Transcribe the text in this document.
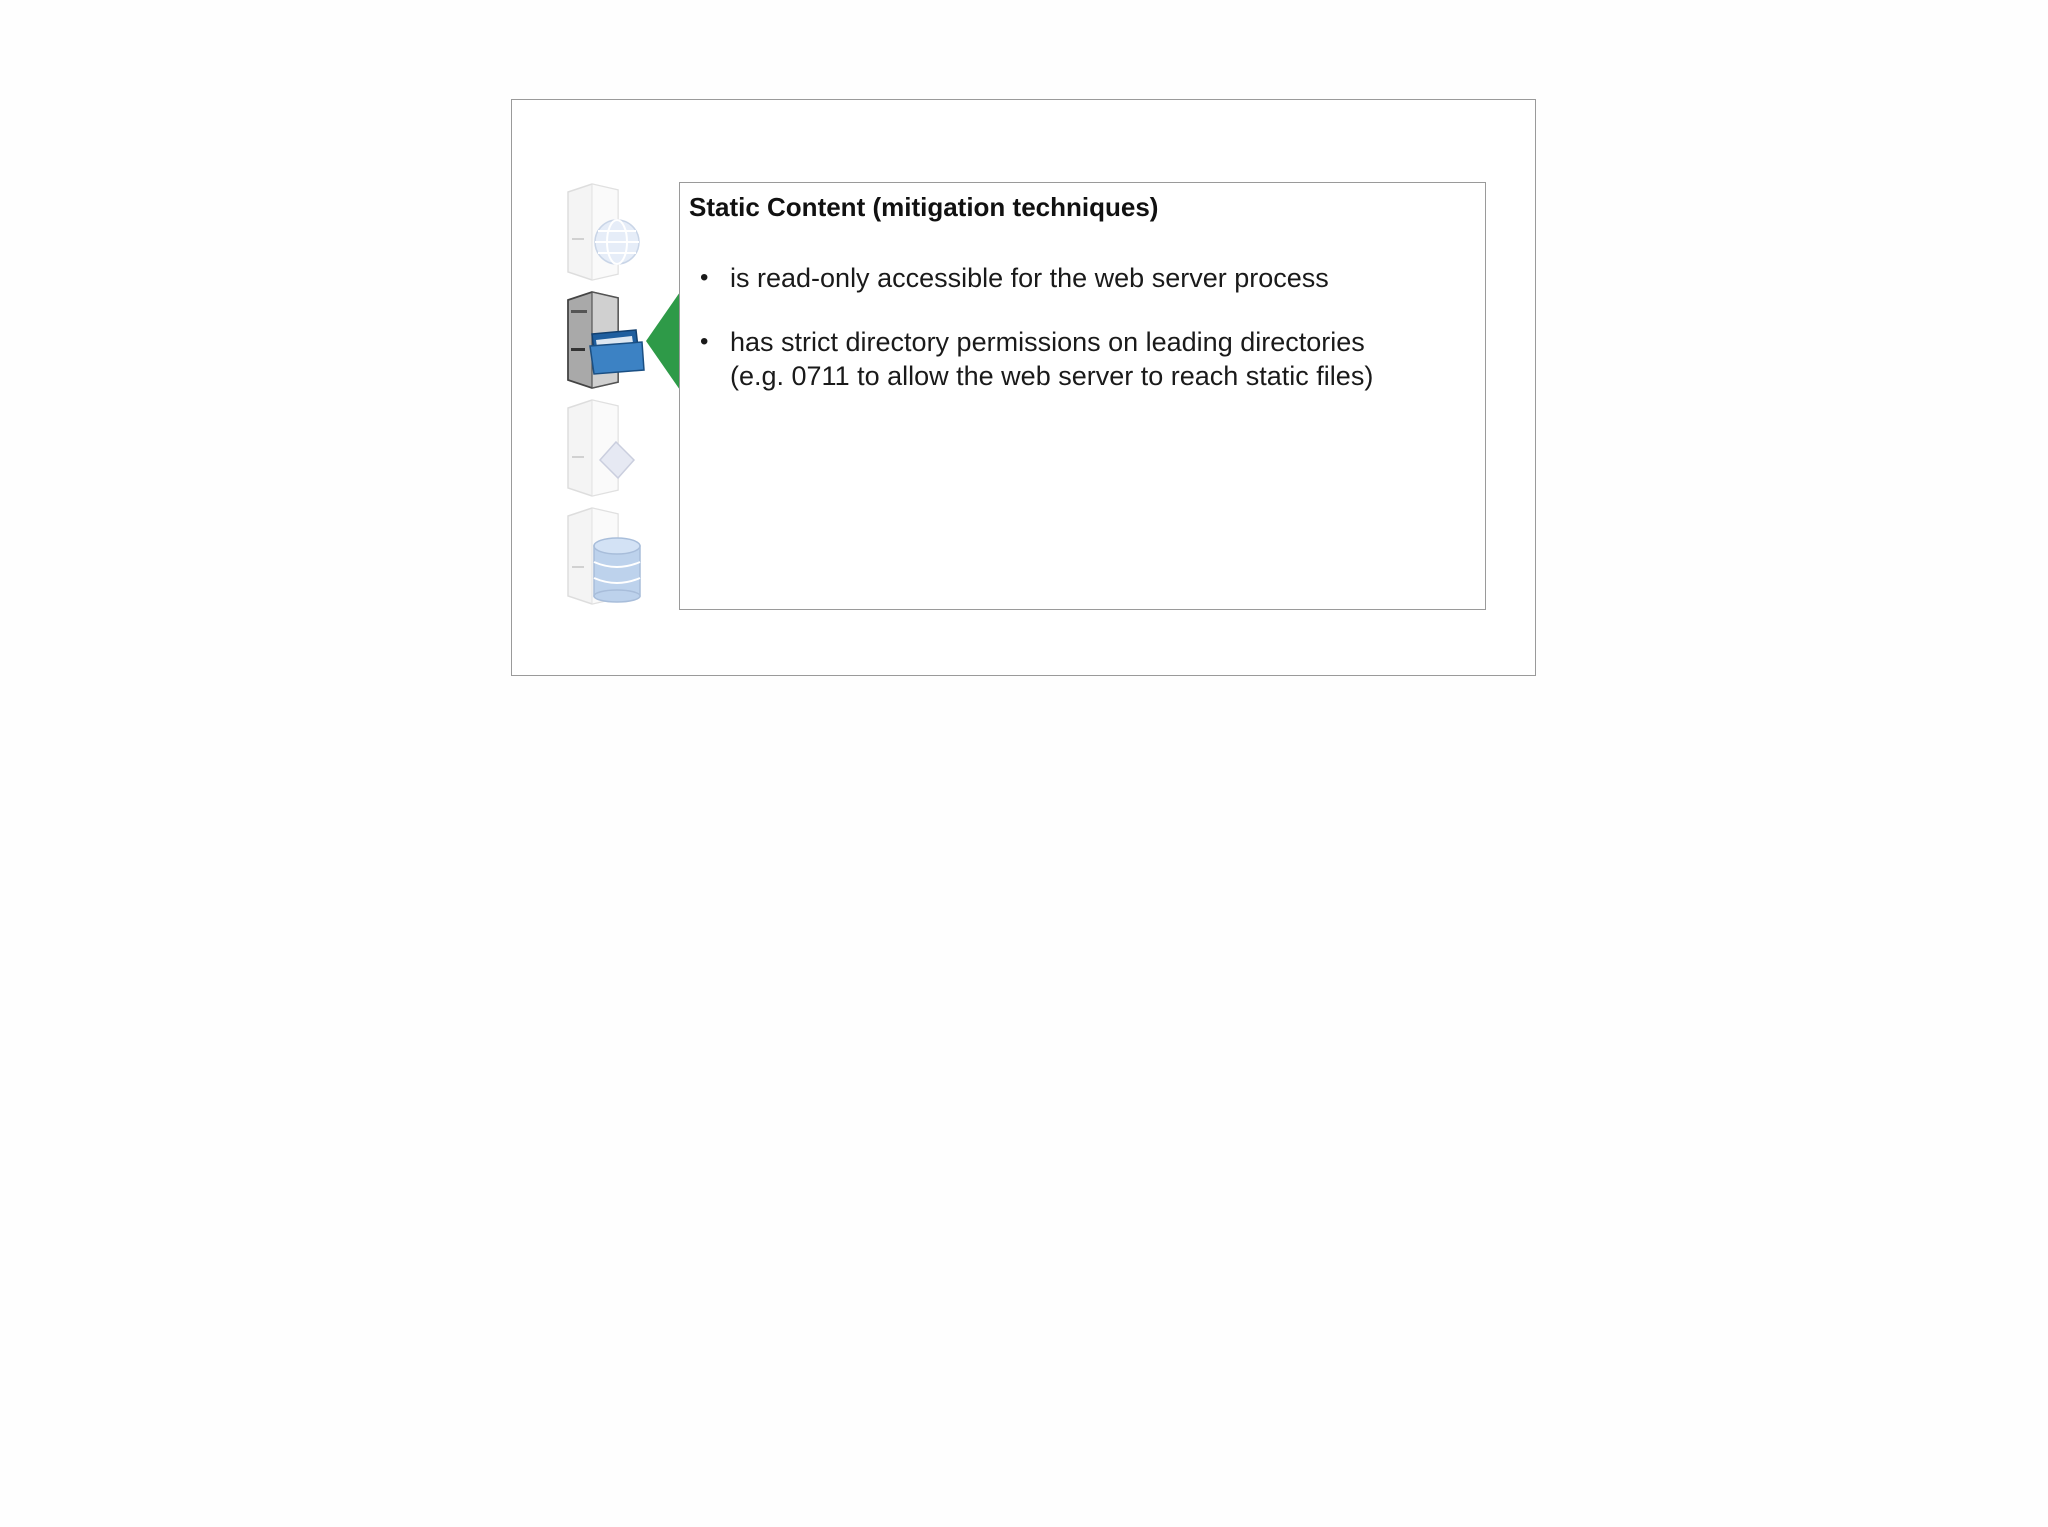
Static Content (mitigation techniques)
• is read-only accessible for the web server process
• has strict directory permissions on leading directories
(e.g. 0711 to allow the web server to reach static files)
